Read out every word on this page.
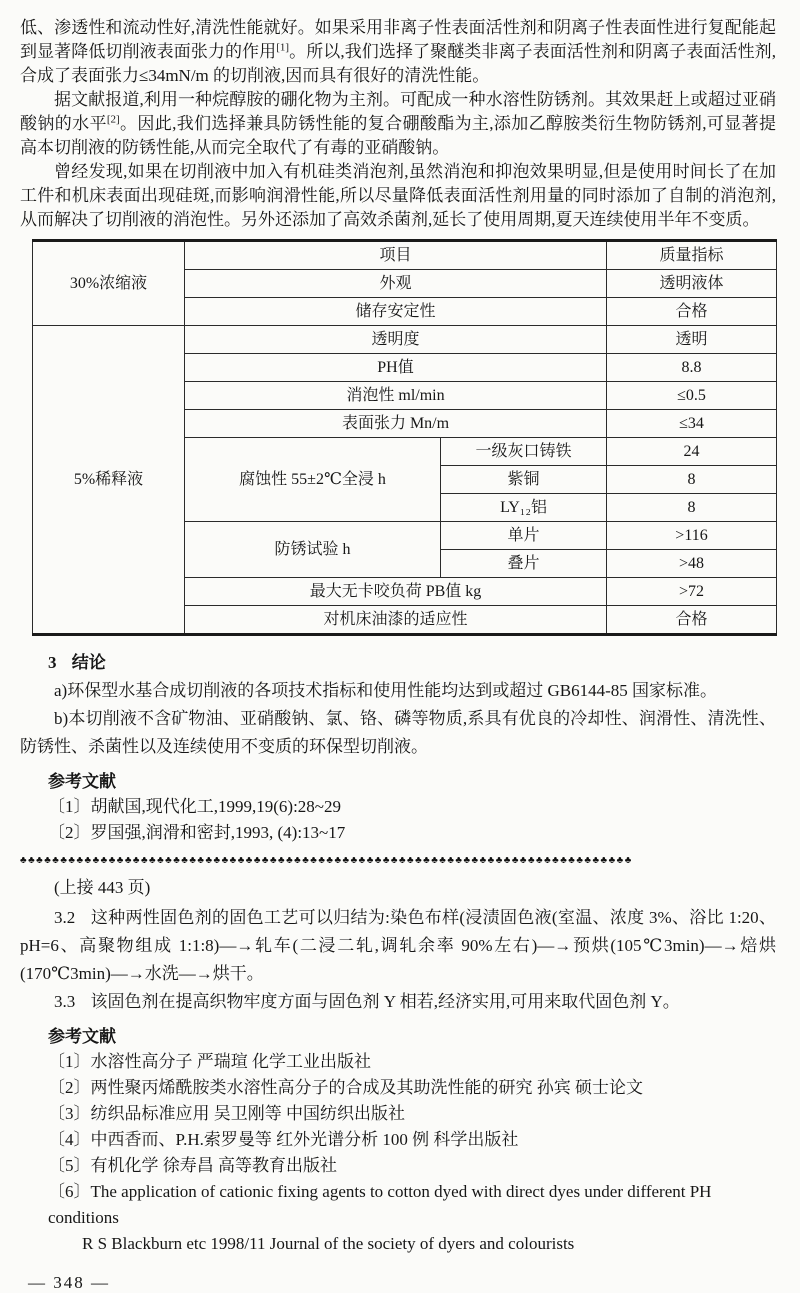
低、渗透性和流动性好,清洗性能就好。如果采用非离子性表面活性剂和阴离子性表面性进行复配能起到显著降低切削液表面张力的作用[1]。所以,我们选择了聚醚类非离子表面活性剂和阴离子表面活性剂,合成了表面张力≤34mN/m 的切削液,因而具有很好的清洗性能。

据文献报道,利用一种烷醇胺的硼化物为主剂。可配成一种水溶性防锈剂。其效果赶上或超过亚硝酸钠的水平[2]。因此,我们选择兼具防锈性能的复合硼酸酯为主,添加乙醇胺类衍生物防锈剂,可显著提高本切削液的防锈性能,从而完全取代了有毒的亚硝酸钠。

曾经发现,如果在切削液中加入有机硅类消泡剂,虽然消泡和抑泡效果明显,但是使用时间长了在加工件和机床表面出现硅斑,而影响润滑性能,所以尽量降低表面活性剂用量的同时添加了自制的消泡剂,从而解决了切削液的消泡性。另外还添加了高效杀菌剂,延长了使用周期,夏天连续使用半年不变质。

30%浓缩液	项目		质量指标
	外观		透明液体
	储存安定性		合格
5%稀释液	透明度		透明
	PH值		8.8
	消泡性 ml/min		≤0.5
	表面张力 Mn/m		≤34
	腐蚀性 55±2℃全浸 h	一级灰口铸铁	24
		紫铜	8
		LY₁₂铝	8
	防锈试验 h	单片	>116
		叠片	>48
	最大无卡咬负荷 PB值 kg		>72
	对机床油漆的适应性		合格
3 结论

a)环保型水基合成切削液的各项技术指标和使用性能均达到或超过 GB6144-85 国家标准。

b)本切削液不含矿物油、亚硝酸钠、氯、铬、磷等物质,系具有优良的冷却性、润滑性、清洗性、防锈性、杀菌性以及连续使用不变质的环保型切削液。

参考文献
〔1〕胡献国,现代化工,1999,19(6):28~29
〔2〕罗国强,润滑和密封,1993, (4):13~17
♣♣♣♣♣♣♣♣♣♣♣♣♣♣♣♣♣♣♣♣♣♣♣♣♣♣♣♣♣♣♣♣♣♣♣♣♣♣♣♣♣♣♣♣♣♣♣♣♣♣♣♣♣♣♣♣♣♣♣♣♣♣♣♣♣♣♣♣♣♣♣♣♣♣♣♣
(上接 443 页)

3.2 这种两性固色剂的固色工艺可以归结为:染色布样(浸渍固色液(室温、浓度 3%、浴比 1:20、pH=6、高聚物组成 1:1:8)—→轧车(二浸二轧,调轧余率 90%左右)—→预烘(105℃3min)—→焙烘(170℃3min)—→水洗—→烘干。

3.3 该固色剂在提高织物牢度方面与固色剂 Y 相若,经济实用,可用来取代固色剂 Y。

参考文献
〔1〕水溶性高分子 严瑞瑄 化学工业出版社
〔2〕两性聚丙烯酰胺类水溶性高分子的合成及其助洗性能的研究 孙宾 硕士论文
〔3〕纺织品标准应用 吴卫刚等 中国纺织出版社
〔4〕中西香而、P.H.索罗曼等 红外光谱分析 100 例 科学出版社
〔5〕有机化学 徐寿昌 高等教育出版社
〔6〕The application of cationic fixing agents to cotton dyed with direct dyes under different PH conditions
R S Blackburn etc 1998/11 Journal of the society of dyers and colourists
— 348 —
